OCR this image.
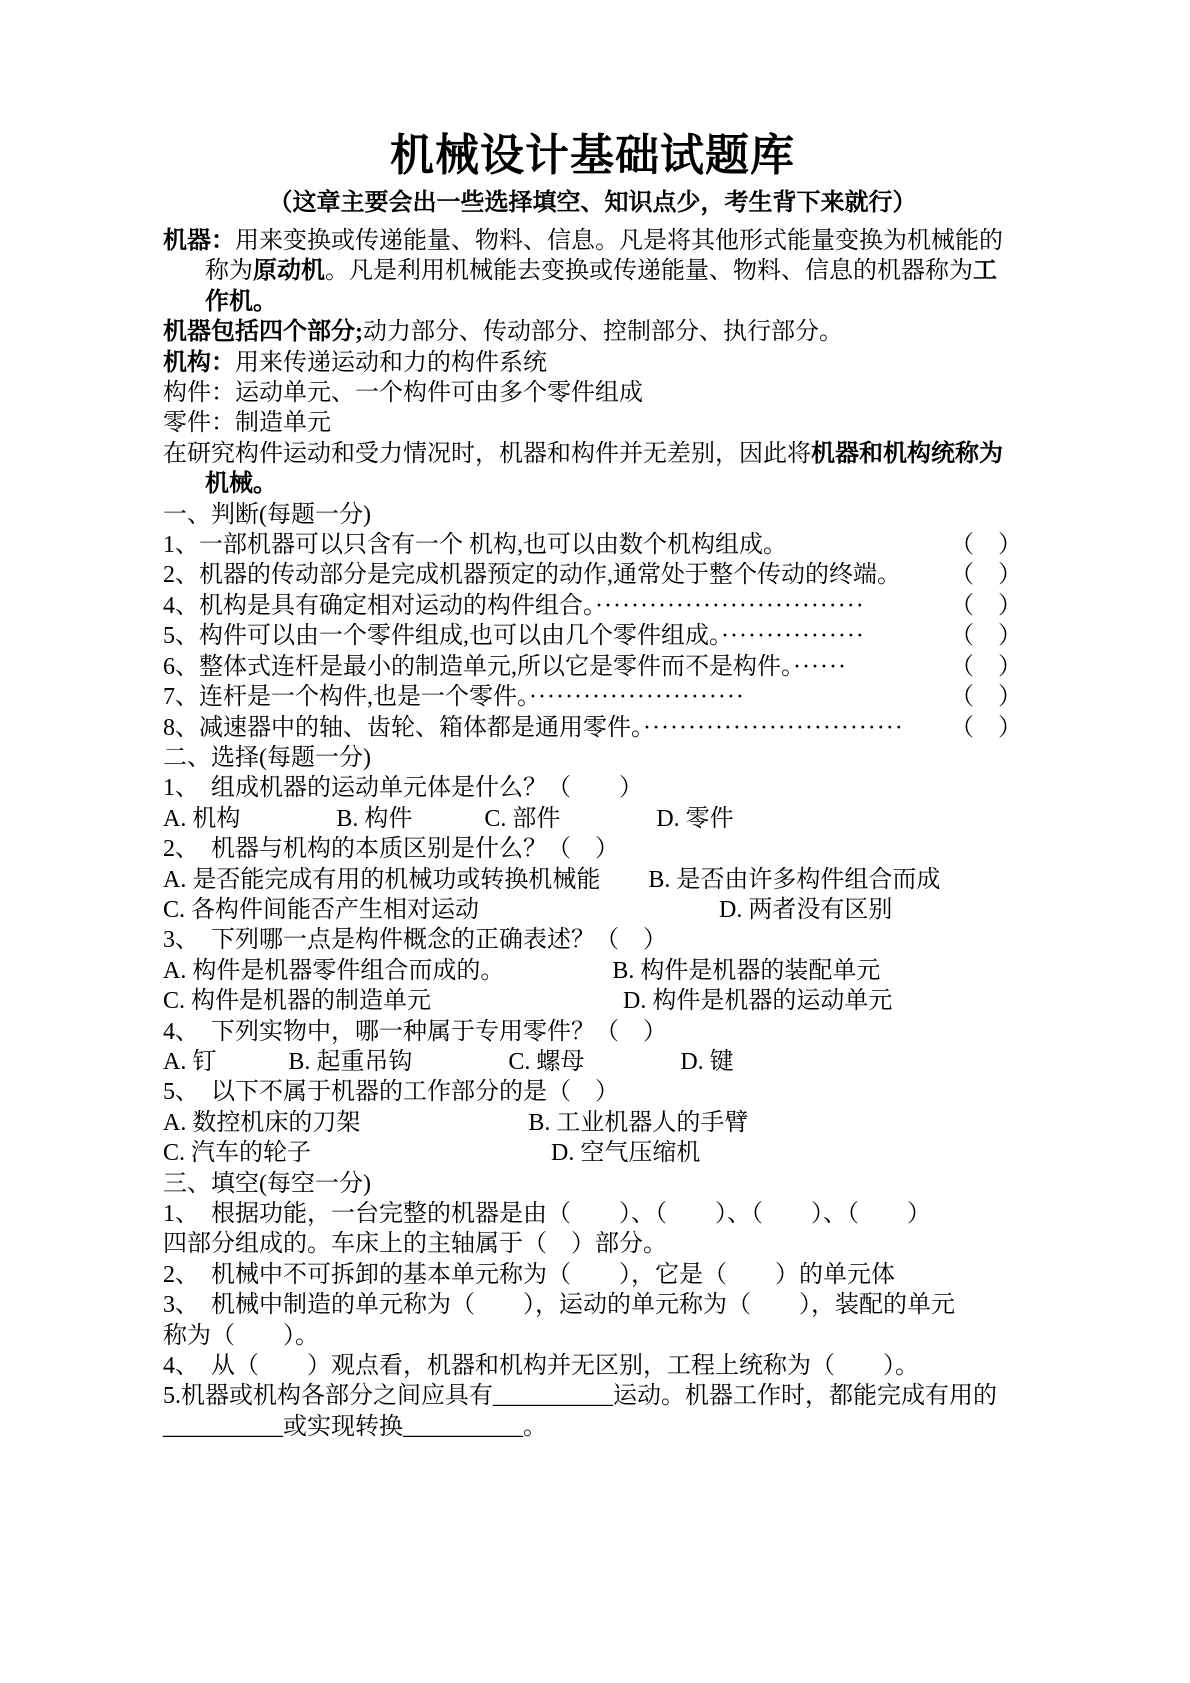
机械设计基础试题库
（这章主要会出一些选择填空、知识点少，考生背下来就行）
机器：用来变换或传递能量、物料、信息。凡是将其他形式能量变换为机械能的
称为原动机。凡是利用机械能去变换或传递能量、物料、信息的机器称为工
作机。
机器包括四个部分;动力部分、传动部分、控制部分、执行部分。
机构：用来传递运动和力的构件系统
构件：运动单元、一个构件可由多个零件组成
零件：制造单元
在研究构件运动和受力情况时，机器和构件并无差别，因此将机器和机构统称为
机械。
一、判断(每题一分)
1、一部机器可以只含有一个 机构,也可以由数个机构组成。	（　）
2、机器的传动部分是完成机器预定的动作,通常处于整个传动的终端。 （　）
4、机构是具有确定相对运动的构件组合。······························	（　）
5、构件可以由一个零件组成,也可以由几个零件组成。················	（　）
6、整体式连杆是最小的制造单元,所以它是零件而不是构件。······	（　）
7、连杆是一个构件,也是一个零件。························	（　）
8、减速器中的轴、齿轮、箱体都是通用零件。····························· （　）
二、选择(每题一分)
1、　组成机器的运动单元体是什么？（　　）
A. 机构　　　　B. 构件　　　C. 部件　　　　D. 零件
2、　机器与机构的本质区别是什么？（　）
A. 是否能完成有用的机械功或转换机械能　　B. 是否由许多构件组合而成
C. 各构件间能否产生相对运动　　　　　　　　　　D. 两者没有区别
3、　下列哪一点是构件概念的正确表述？（　）
A. 构件是机器零件组合而成的。　　　　　B. 构件是机器的装配单元
C. 构件是机器的制造单元　　　　　　　　D. 构件是机器的运动单元
4、　下列实物中，哪一种属于专用零件？（　）
A. 钉　　　B. 起重吊钩　　　　C. 螺母　　　　D. 键
5、　以下不属于机器的工作部分的是（　）
A. 数控机床的刀架　　　　　　　B. 工业机器人的手臂
C. 汽车的轮子　　　　　　　　　　D. 空气压缩机
三、填空(每空一分)
1、　根据功能，一台完整的机器是由（　　）、（　　）、（　　）、（　　）
四部分组成的。车床上的主轴属于（　）部分。
2、　机械中不可拆卸的基本单元称为（　　），它是（　　）的单元体
3、　机械中制造的单元称为（　　），运动的单元称为（　　），装配的单元
称为（　　）。
4、　从（　　）观点看，机器和机构并无区别，工程上统称为（　　）。
5.机器或机构各部分之间应具有__________运动。机器工作时，都能完成有用的
__________或实现转换__________。
